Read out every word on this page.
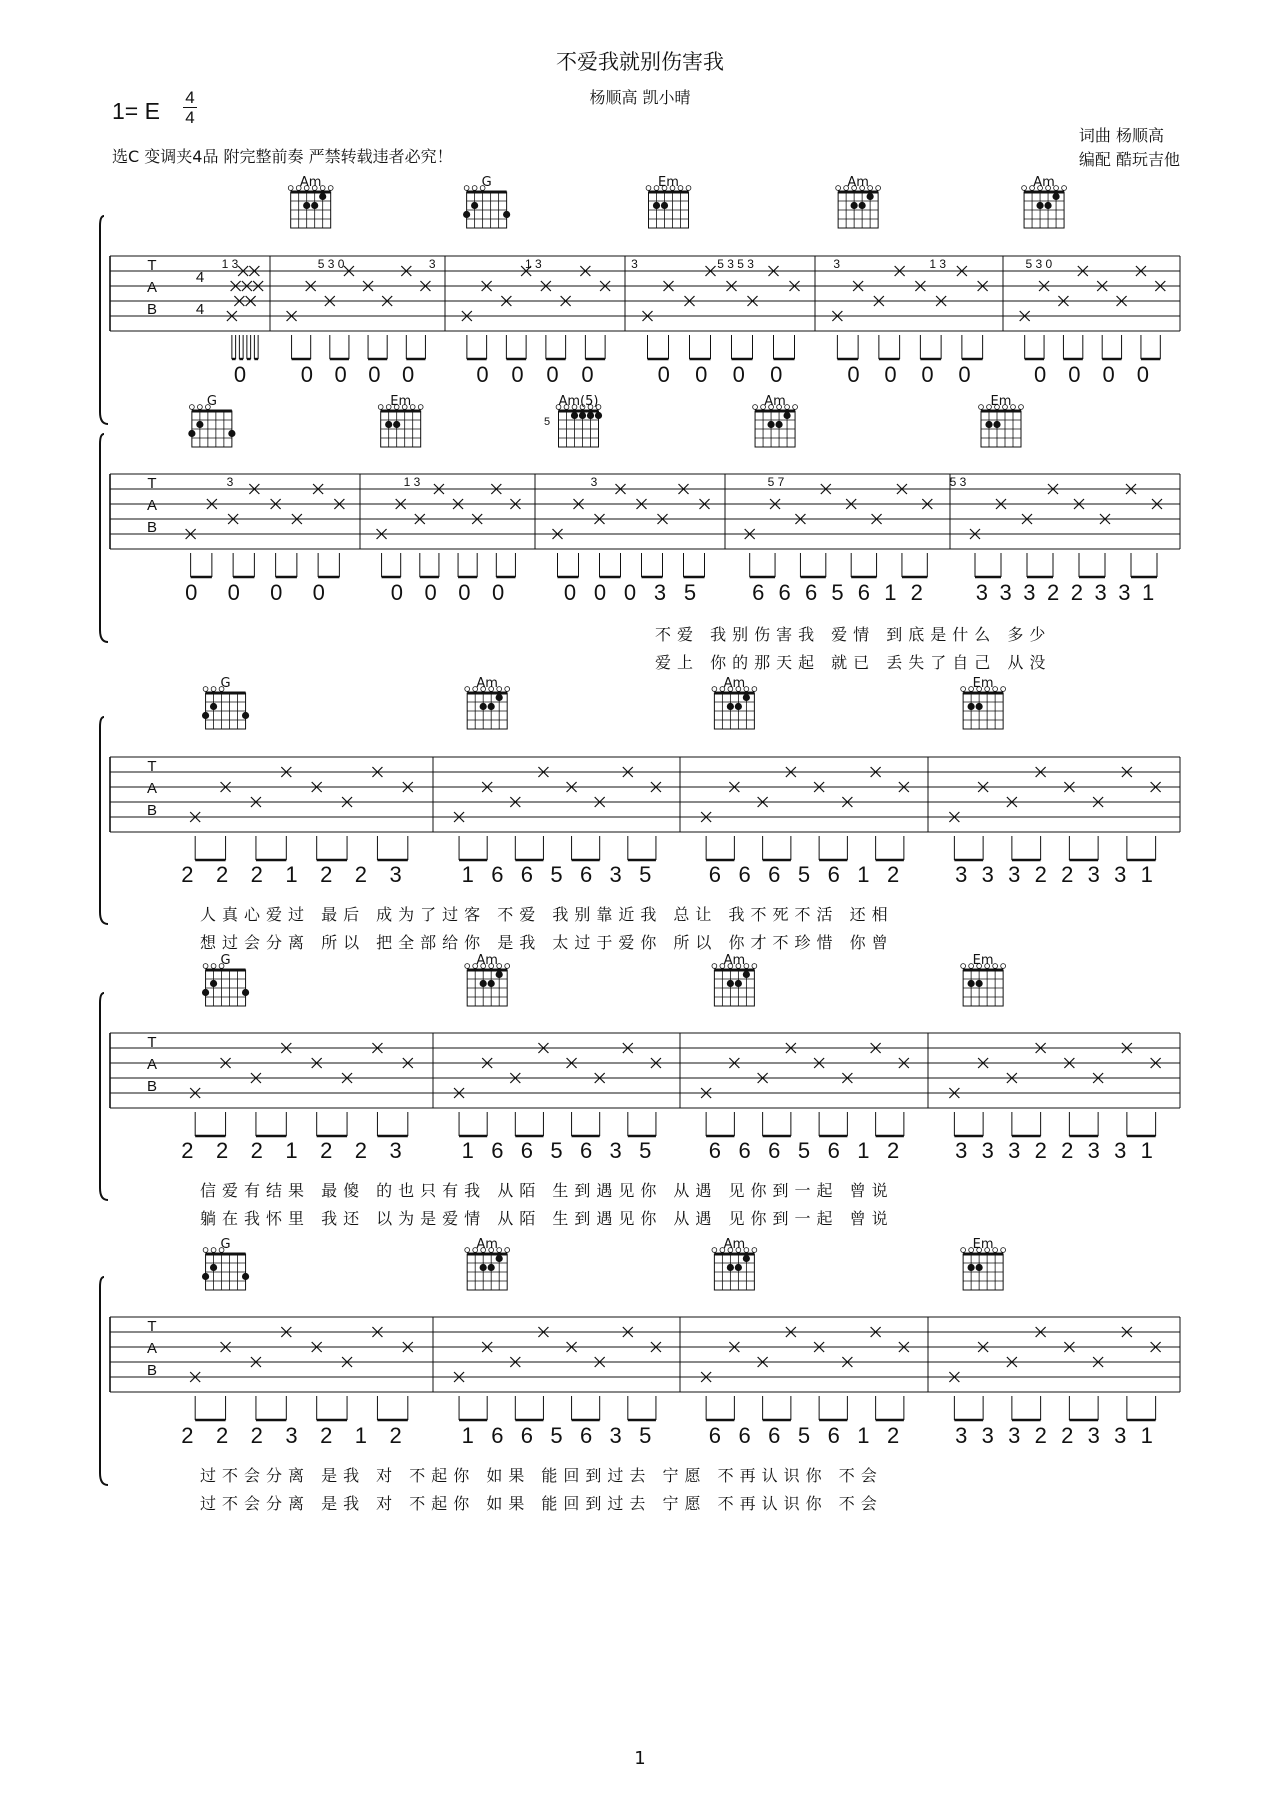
不爱我就别伤害我
杨顺高 凯小晴
1= E
4
4
词曲 杨顺高
编配 酷玩吉他
选C 变调夹4品 附完整前奏 严禁转载违者必究！
1
T
A
B
4
4
0
Am
0 0 0 0
G
0 0 0 0
Em
0 0 0 0
Am
0 0 0 0
Am
0 0 0 0
1 3	5 3 0	3	1 3	3	5 3 5 3	3	1 3	5 3 0
T
A
B
G
0 0 0 0
Em
0 0 0 0
Am(5)
0 0 0 3 5
Am
6 6 6 5 6 1 2
Em
3 3 3 2 2 3 3 1
3	1 3	3	5 7	5 3
5
不爱 我别伤害我 爱情 到底是什么 多少
爱上 你的那天起 就已 丢失了自己 从没
T
A
B
G
2 2 2 1 2 2 3
Am
1 6 6 5 6 3 5
Am
6 6 6 5 6 1 2
Em
3 3 3 2 2 3 3 1
人真心爱过 最后 成为了过客 不爱 我别靠近我 总让 我不死不活 还相
想过会分离 所以 把全部给你 是我 太过于爱你 所以 你才不珍惜 你曾
T
A
B
G
2 2 2 1 2 2 3
Am
1 6 6 5 6 3 5
Am
6 6 6 5 6 1 2
Em
3 3 3 2 2 3 3 1
信爱有结果 最傻 的也只有我 从陌 生到遇见你 从遇 见你到一起 曾说
躺在我怀里 我还 以为是爱情 从陌 生到遇见你 从遇 见你到一起 曾说
T
A
B
G
2 2 2 3 2 1 2
Am
1 6 6 5 6 3 5
Am
6 6 6 5 6 1 2
Em
3 3 3 2 2 3 3 1
过不会分离 是我 对 不起你 如果 能回到过去 宁愿 不再认识你 不会
过不会分离 是我 对 不起你 如果 能回到过去 宁愿 不再认识你 不会
